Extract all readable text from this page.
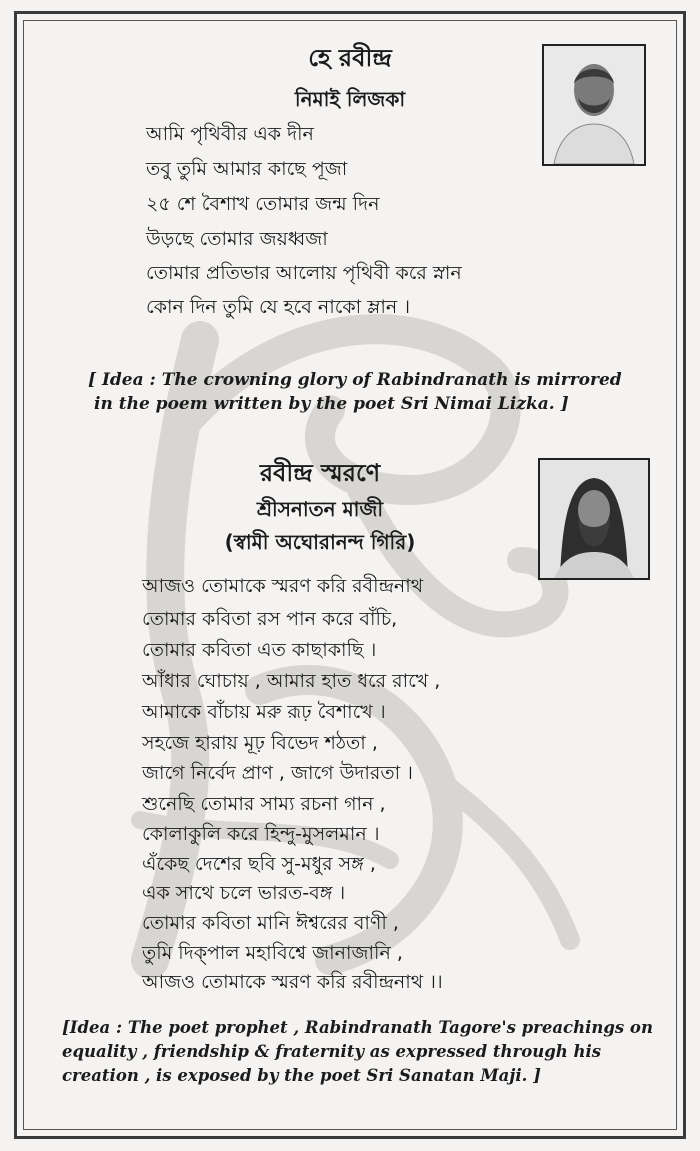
হে রবীন্দ্র
নিমাই লিজকা
আমি পৃথিবীর এক দীন
তবু তুমি আমার কাছে পূজা
২৫ শে বৈশাখ তোমার জন্ম দিন
উড়ছে তোমার জয়ধ্বজা
তোমার প্রতিভার আলোয় পৃথিবী করে স্নান
কোন দিন তুমি যে হবে নাকো ম্লান ।
[ Idea : The crowning glory of Rabindranath is mirrored
in the poem written by the poet Sri Nimai Lizka. ]
রবীন্দ্র স্মরণে
শ্রীসনাতন মাজী
(স্বামী অঘোরানন্দ গিরি)
আজও তোমাকে স্মরণ করি রবীন্দ্রনাথ
তোমার কবিতা রস পান করে বাঁচি,
তোমার কবিতা এত কাছাকাছি ।
আঁধার ঘোচায় , আমার হাত ধরে রাখে ,
আমাকে বাঁচায় মরু রূঢ় বৈশাখে ।
সহজে হারায় মূঢ় বিভেদ শঠতা ,
জাগে নির্বেদ প্রাণ , জাগে উদারতা ।
শুনেছি তোমার সাম্য রচনা গান ,
কোলাকুলি করে হিন্দু-মুসলমান ।
এঁকেছ দেশের ছবি সু-মধুর সঙ্গ ,
এক সাথে চলে ভারত-বঙ্গ ।
তোমার কবিতা মানি ঈশ্বরের বাণী ,
তুমি দিক্পাল মহাবিশ্বে জানাজানি ,
আজও তোমাকে স্মরণ করি রবীন্দ্রনাথ ।।
[Idea : The poet prophet , Rabindranath Tagore's preachings on
equality , friendship & fraternity as expressed through his
creation , is exposed by the poet Sri Sanatan Maji. ]
